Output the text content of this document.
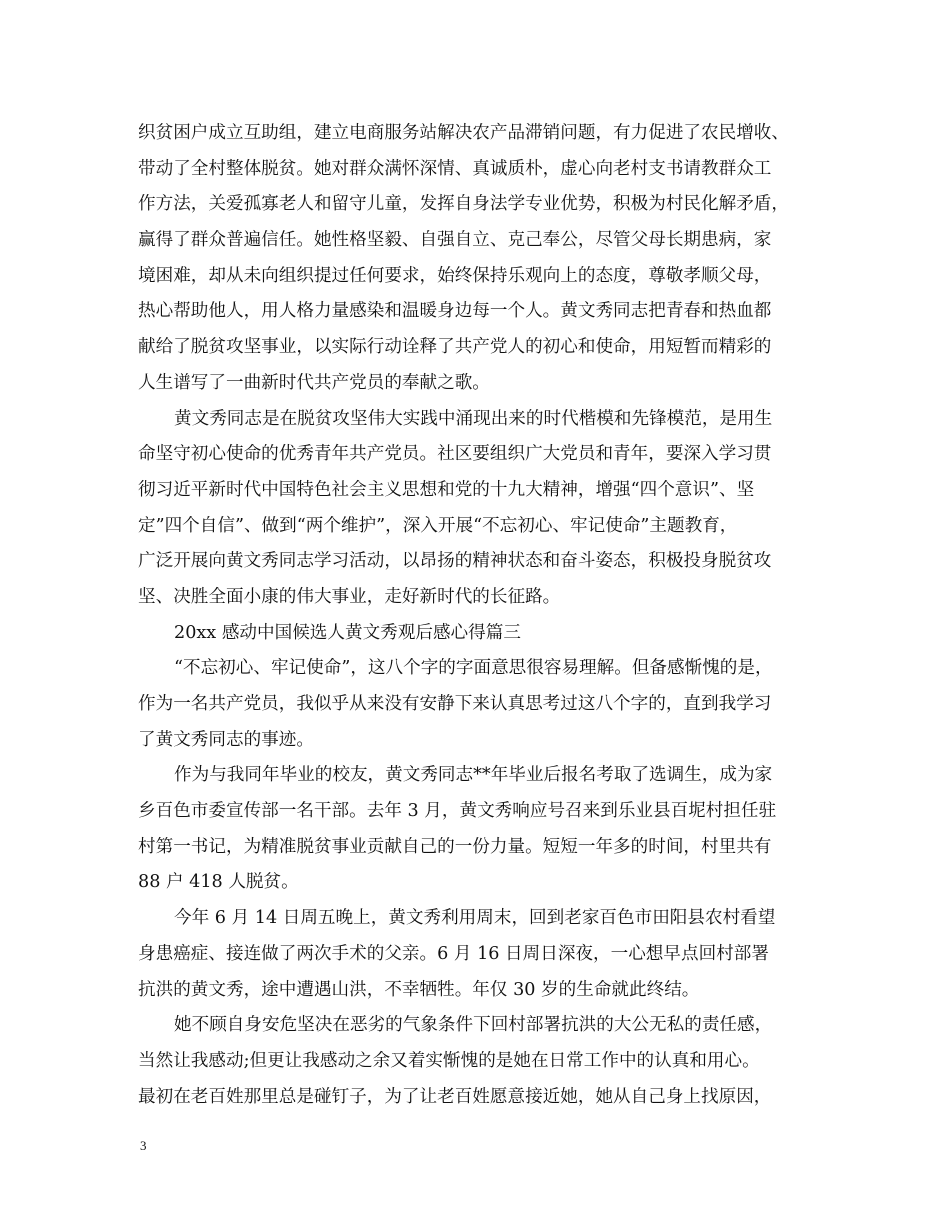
织贫困户成立互助组，建立电商服务站解决农产品滞销问题，有力促进了农民增收、
带动了全村整体脱贫。她对群众满怀深情、真诚质朴，虚心向老村支书请教群众工
作方法，关爱孤寡老人和留守儿童，发挥自身法学专业优势，积极为村民化解矛盾，
赢得了群众普遍信任。她性格坚毅、自强自立、克己奉公，尽管父母长期患病，家
境困难，却从未向组织提过任何要求，始终保持乐观向上的态度，尊敬孝顺父母，
热心帮助他人，用人格力量感染和温暖身边每一个人。黄文秀同志把青春和热血都
献给了脱贫攻坚事业，以实际行动诠释了共产党人的初心和使命，用短暂而精彩的
人生谱写了一曲新时代共产党员的奉献之歌。
黄文秀同志是在脱贫攻坚伟大实践中涌现出来的时代楷模和先锋模范，是用生
命坚守初心使命的优秀青年共产党员。社区要组织广大党员和青年，要深入学习贯
彻习近平新时代中国特色社会主义思想和党的十九大精神，增强“四个意识”、坚
定”四个自信”、做到“两个维护”，深入开展“不忘初心、牢记使命”主题教育，
广泛开展向黄文秀同志学习活动，以昂扬的精神状态和奋斗姿态，积极投身脱贫攻
坚、决胜全面小康的伟大事业，走好新时代的长征路。
20xx 感动中国候选人黄文秀观后感心得篇三
“不忘初心、牢记使命”，这八个字的字面意思很容易理解。但备感惭愧的是，
作为一名共产党员，我似乎从来没有安静下来认真思考过这八个字的，直到我学习
了黄文秀同志的事迹。
作为与我同年毕业的校友，黄文秀同志**年毕业后报名考取了选调生，成为家
乡百色市委宣传部一名干部。去年 3 月，黄文秀响应号召来到乐业县百坭村担任驻
村第一书记，为精准脱贫事业贡献自己的一份力量。短短一年多的时间，村里共有
88 户 418 人脱贫。
今年 6 月 14 日周五晚上，黄文秀利用周末，回到老家百色市田阳县农村看望
身患癌症、接连做了两次手术的父亲。6 月 16 日周日深夜，一心想早点回村部署
抗洪的黄文秀，途中遭遇山洪，不幸牺牲。年仅 30 岁的生命就此终结。
她不顾自身安危坚决在恶劣的气象条件下回村部署抗洪的大公无私的责任感，
当然让我感动;但更让我感动之余又着实惭愧的是她在日常工作中的认真和用心。
最初在老百姓那里总是碰钉子，为了让老百姓愿意接近她，她从自己身上找原因，
3
